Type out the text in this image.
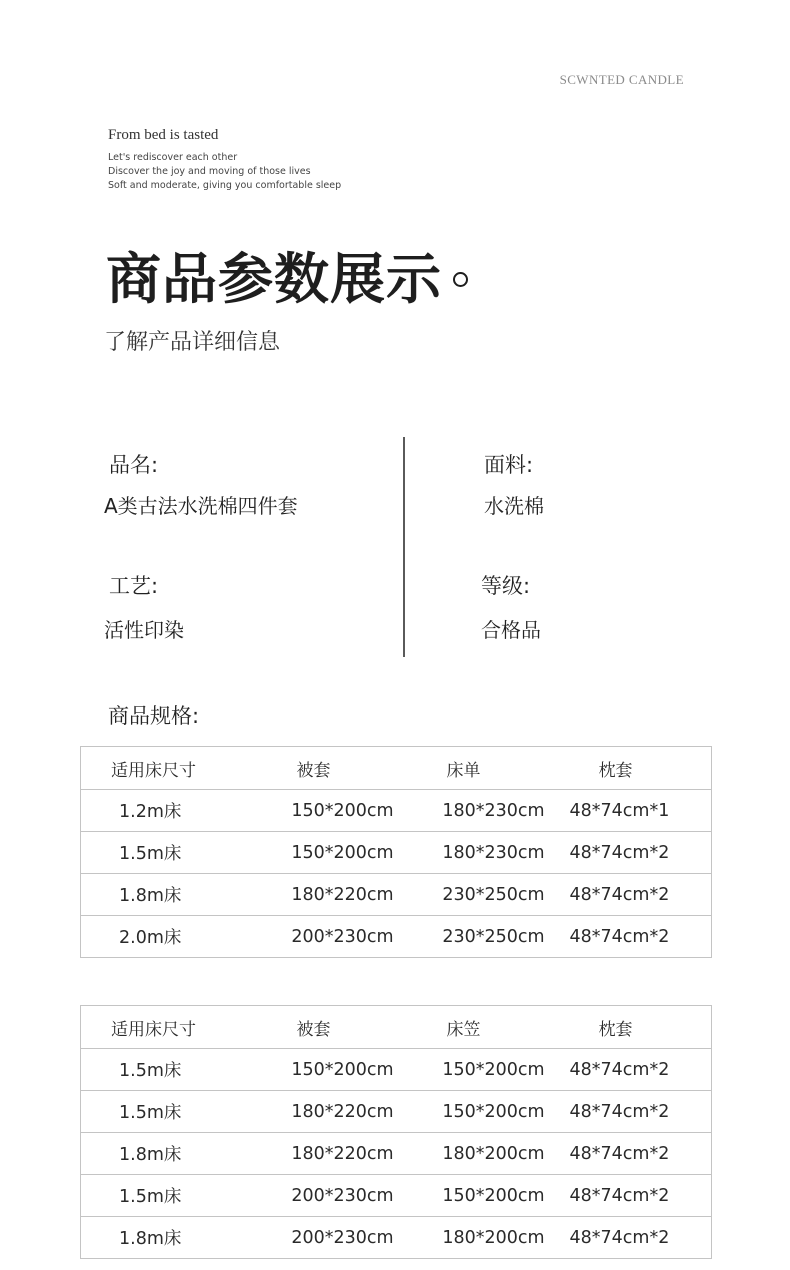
SCWNTED CANDLE
From bed is tasted
Let's rediscover each other
Discover the joy and moving of those lives
Soft and moderate, giving you comfortable sleep
商品参数展示
了解产品详细信息
品名:
A类古法水洗棉四件套
工艺:
活性印染
面料:
水洗棉
等级:
合格品
商品规格:
适用床尺寸	被套	床单	枕套
1.2m床	150*200cm	180*230cm	48*74cm*1
1.5m床	150*200cm	180*230cm	48*74cm*2
1.8m床	180*220cm	230*250cm	48*74cm*2
2.0m床	200*230cm	230*250cm	48*74cm*2
适用床尺寸	被套	床笠	枕套
1.5m床	150*200cm	150*200cm	48*74cm*2
1.5m床	180*220cm	150*200cm	48*74cm*2
1.8m床	180*220cm	180*200cm	48*74cm*2
1.5m床	200*230cm	150*200cm	48*74cm*2
1.8m床	200*230cm	180*200cm	48*74cm*2
